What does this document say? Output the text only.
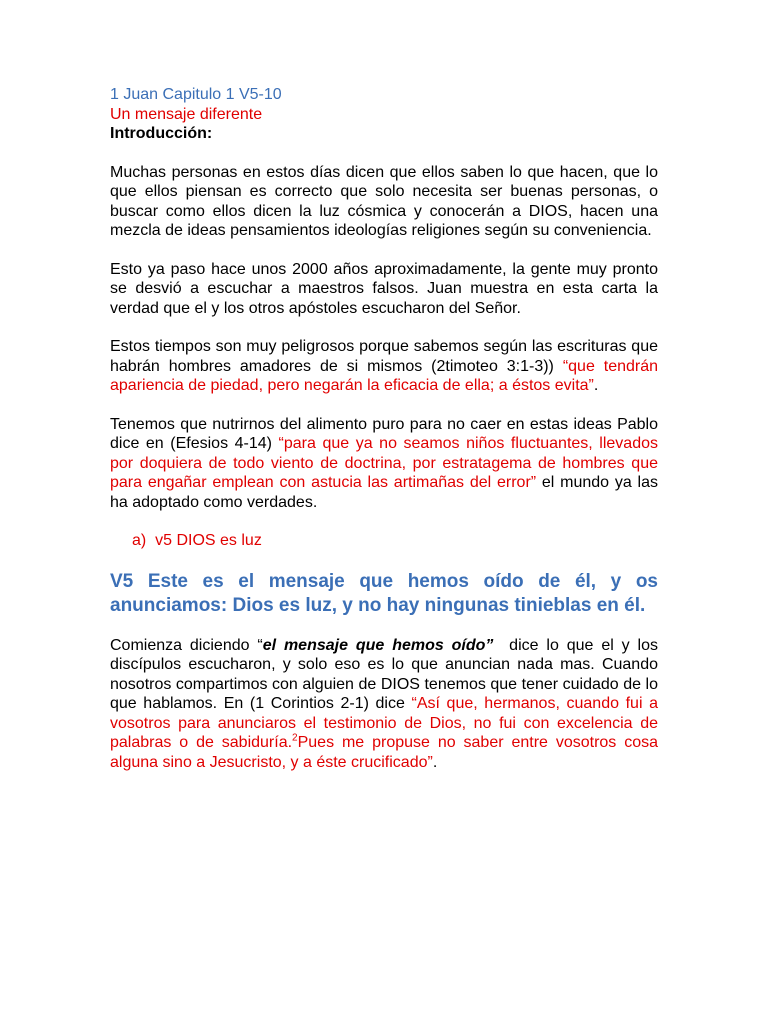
1 Juan Capitulo 1 V5-10

Un mensaje diferente

Introducción:

Muchas personas en estos días dicen que ellos saben lo que hacen, que lo que ellos piensan es correcto que solo necesita ser buenas personas, o buscar como ellos dicen la luz cósmica y conocerán a DIOS, hacen una mezcla de ideas pensamientos ideologías religiones según su conveniencia.

Esto ya paso hace unos 2000 años aproximadamente, la gente muy pronto se desvió a escuchar a maestros falsos. Juan muestra en esta carta la verdad que el y los otros apóstoles escucharon del Señor.

Estos tiempos son muy peligrosos porque sabemos según las escrituras que habrán hombres amadores de si mismos (2timoteo 3:1-3)) “que tendrán apariencia de piedad, pero negarán la eficacia de ella; a éstos evita”.

Tenemos que nutrirnos del alimento puro para no caer en estas ideas Pablo dice en (Efesios 4-14) “para que ya no seamos niños fluctuantes, llevados por doquiera de todo viento de doctrina, por estratagema de hombres que para engañar emplean con astucia las artimañas del error” el mundo ya las ha adoptado como verdades.

a) v5 DIOS es luz

V5 Este es el mensaje que hemos oído de él, y os anunciamos: Dios es luz, y no hay ningunas tinieblas en él.

Comienza diciendo “el mensaje que hemos oído”  dice lo que el y los discípulos escucharon, y solo eso es lo que anuncian nada mas. Cuando nosotros compartimos con alguien de DIOS tenemos que tener cuidado de lo que hablamos. En (1 Corintios 2-1) dice “Así que, hermanos, cuando fui a vosotros para anunciaros el testimonio de Dios, no fui con excelencia de palabras o de sabiduría.$^2$Pues me propuse no saber entre vosotros cosa alguna sino a Jesucristo, y a éste crucificado”.
